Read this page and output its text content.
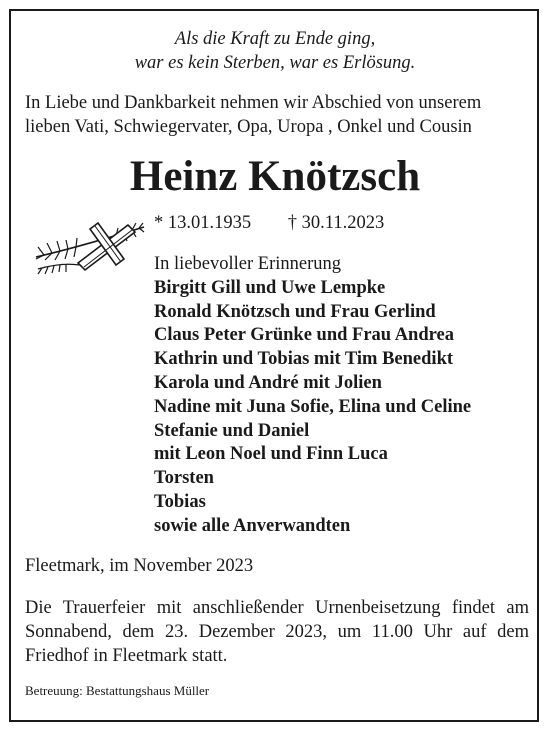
Als die Kraft zu Ende ging,
war es kein Sterben, war es Erlösung.
In Liebe und Dankbarkeit nehmen wir Abschied von unserem
lieben Vati, Schwiegervater, Opa, Uropa , Onkel und Cousin
Heinz Knötzsch
* 13.01.1935 † 30.11.2023
In liebevoller Erinnerung
Birgitt Gill und Uwe Lempke
Ronald Knötzsch und Frau Gerlind
Claus Peter Grünke und Frau Andrea
Kathrin und Tobias mit Tim Benedikt
Karola und André mit Jolien
Nadine mit Juna Sofie, Elina und Celine
Stefanie und Daniel
mit Leon Noel und Finn Luca
Torsten
Tobias
sowie alle Anverwandten
Fleetmark, im November 2023
Die Trauerfeier mit anschließender Urnenbeisetzung findet am Sonnabend, dem 23. Dezember 2023, um 11.00 Uhr auf dem Friedhof in Fleetmark statt.
Betreuung: Bestattungshaus Müller
